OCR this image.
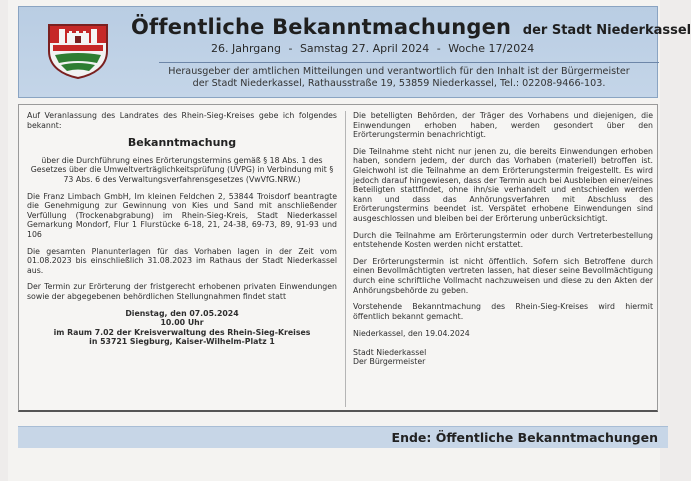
Öffentliche Bekanntmachungen der Stadt Niederkassel
26. Jahrgang - Samstag 27. April 2024 - Woche 17/2024
Herausgeber der amtlichen Mitteilungen und verantwortlich für den Inhalt ist der Bürgermeister
der Stadt Niederkassel, Rathausstraße 19, 53859 Niederkassel, Tel.: 02208-9466-103.

Auf Veranlassung des Landrates des Rhein-Sieg-Kreises gebe ich folgendes bekannt:

Bekanntmachung

über die Durchführung eines Erörterungstermins gemäß § 18 Abs. 1 des Gesetzes über die Umweltverträglichkeitsprüfung (UVPG) in Verbindung mit § 73 Abs. 6 des Verwaltungsverfahrensgesetzes (VwVfG.NRW.)

Die Franz Limbach GmbH, Im kleinen Feldchen 2, 53844 Troisdorf beantragte die Genehmigung zur Gewinnung von Kies und Sand mit anschließender Verfüllung (Trockenabgrabung) im Rhein-Sieg-Kreis, Stadt Niederkassel Gemarkung Mondorf, Flur 1 Flurstücke 6-18, 21, 24-38, 69-73, 89, 91-93 und 106

Die gesamten Planunterlagen für das Vorhaben lagen in der Zeit vom 01.08.2023 bis einschließlich 31.08.2023 im Rathaus der Stadt Niederkassel aus.

Der Termin zur Erörterung der fristgerecht erhobenen privaten Einwendungen sowie der abgegebenen behördlichen Stellungnahmen findet statt

Dienstag, den 07.05.2024
10.00 Uhr
im Raum 7.02 der Kreisverwaltung des Rhein-Sieg-Kreises
in 53721 Siegburg, Kaiser-Wilhelm-Platz 1

Die betelligten Behörden, der Träger des Vorhabens und diejenigen, die Einwendungen erhoben haben, werden gesondert über den Erörterungstermin benachrichtigt.

Die Teilnahme steht nicht nur jenen zu, die bereits Einwendungen erhoben haben, sondern jedem, der durch das Vorhaben (materiell) betroffen ist. Gleichwohl ist die Teilnahme an dem Erörterungstermin freigestellt. Es wird jedoch darauf hingewiesen, dass der Termin auch bei Ausbleiben einer/eines Beteiligten stattfindet, ohne ihn/sie verhandelt und entschieden werden kann und dass das Anhörungsverfahren mit Abschluss des Erörterungstermins beendet ist. Verspätet erhobene Einwendungen sind ausgeschlossen und bleiben bei der Erörterung unberücksichtigt.

Durch die Teilnahme am Erörterungstermin oder durch Vertreterbestellung entstehende Kosten werden nicht erstattet.

Der Erörterungstermin ist nicht öffentlich. Sofern sich Betroffene durch einen Bevollmächtigten vertreten lassen, hat dieser seine Bevollmächtigung durch eine schriftliche Vollmacht nachzuweisen und diese zu den Akten der Anhörungsbehörde zu geben.

Vorstehende Bekanntmachung des Rhein-Sieg-Kreises wird hiermit öffentlich bekannt gemacht.

Niederkassel, den 19.04.2024

Stadt Niederkassel

Der Bürgermeister

Ende: Öffentliche Bekanntmachungen
